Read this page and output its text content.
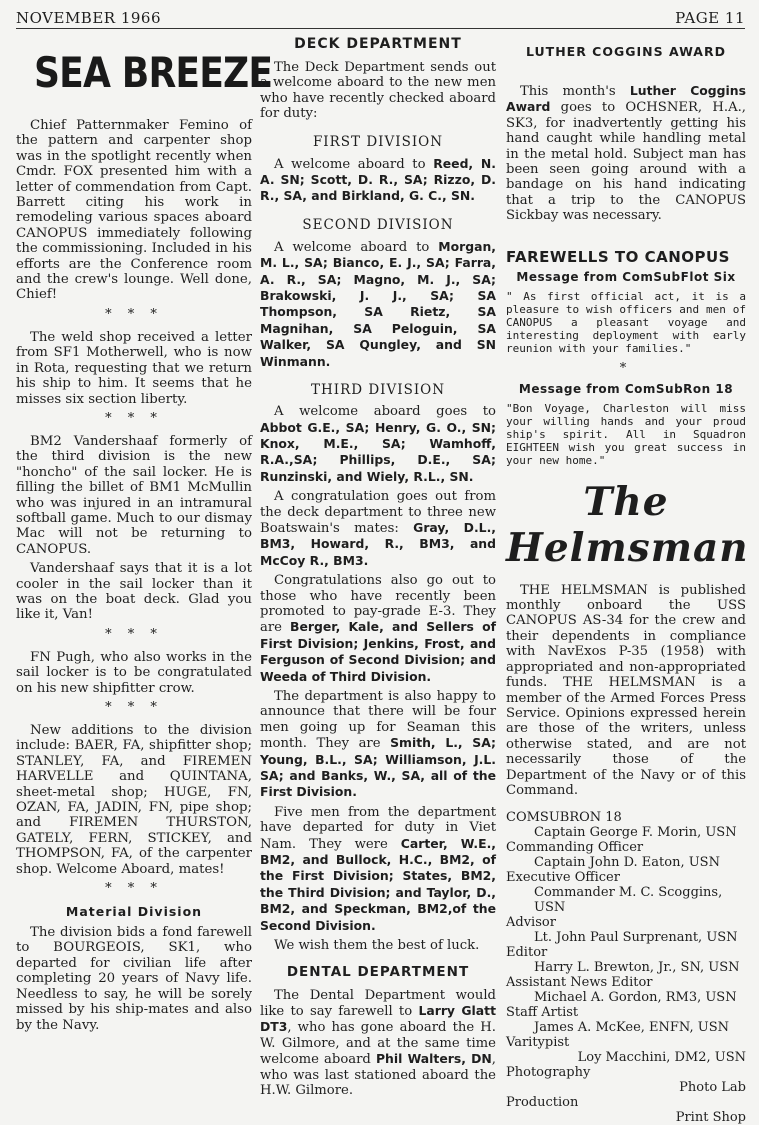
NOVEMBER 1966	PAGE 11
SEA BREEZE

Chief Patternmaker Femino of the pattern and carpenter shop was in the spotlight recently when Cmdr. FOX presented him with a letter of commendation from Capt. Barrett citing his work in remodeling various spaces aboard CANOPUS immediately following the commissioning. Included in his efforts are the Conference room and the crew's lounge. Well done, Chief!

* * *

The weld shop received a letter from SF1 Motherwell, who is now in Rota, requesting that we return his ship to him. It seems that he misses six section liberty.

* * *

BM2 Vandershaaf formerly of the third division is the new "honcho" of the sail locker. He is filling the billet of BM1 McMullin who was injured in an intramural softball game. Much to our dismay Mac will not be returning to CANOPUS.

Vandershaaf says that it is a lot cooler in the sail locker than it was on the boat deck. Glad you like it, Van!

* * *

FN Pugh, who also works in the sail locker is to be congratulated on his new shipfitter crow.

* * *

New additions to the division include: BAER, FA, shipfitter shop; STANLEY, FA, and FIREMEN HARVELLE and QUINTANA, sheet-metal shop; HUGE, FN, OZAN, FA, JADIN, FN, pipe shop; and FIREMEN THURSTON, GATELY, FERN, STICKEY, and THOMPSON, FA, of the carpenter shop. Welcome Aboard, mates!

* * *
Material Division

The division bids a fond farewell to BOURGEOIS, SK1, who departed for civilian life after completing 20 years of Navy life. Needless to say, he will be sorely missed by his ship-mates and also by the Navy.

DECK DEPARTMENT

The Deck Department sends out a welcome aboard to the new men who have recently checked aboard for duty:

FIRST DIVISION

A welcome aboard to Reed, N. A. SN; Scott, D. R., SA; Rizzo, D. R., SA, and Birkland, G. C., SN.

SECOND DIVISION

A welcome aboard to Morgan, M. L., SA; Bianco, E. J., SA; Farra, A. R., SA; Magno, M. J., SA; Brakowski, J. J., SA; SA Thompson, SA Rietz, SA Magnihan, SA Peloguin, SA Walker, SA Qungley, and SN Winmann.

THIRD DIVISION

A welcome aboard goes to Abbot G.E., SA; Henry, G. O., SN; Knox, M.E., SA; Wamhoff, R.A.,SA; Phillips, D.E., SA; Runzinski, and Wiely, R.L., SN.

A congratulation goes out from the deck department to three new Boatswain's mates: Gray, D.L., BM3, Howard, R., BM3, and McCoy R., BM3.

Congratulations also go out to those who have recently been promoted to pay-grade E-3. They are Berger, Kale, and Sellers of First Division; Jenkins, Frost, and Ferguson of Second Division; and Weeda of Third Division.

The department is also happy to announce that there will be four men going up for Seaman this month. They are Smith, L., SA; Young, B.L., SA; Williamson, J.L. SA; and Banks, W., SA, all of the First Division.

Five men from the department have departed for duty in Viet Nam. They were Carter, W.E., BM2, and Bullock, H.C., BM2, of the First Division; States, BM2, the Third Division; and Taylor, D., BM2, and Speckman, BM2,of the Second Division.

We wish them the best of luck.

DENTAL DEPARTMENT

The Dental Department would like to say farewell to Larry Glatt DT3, who has gone aboard the H. W. Gilmore, and at the same time welcome aboard Phil Walters, DN, who was last stationed aboard the H.W. Gilmore.

LUTHER COGGINS AWARD

This month's Luther Coggins Award goes to OCHSNER, H.A., SK3, for inadvertently getting his hand caught while handling metal in the metal hold. Subject man has been seen going around with a bandage on his hand indicating that a trip to the CANOPUS Sickbay was necessary.

FAREWELLS TO CANOPUS
Message from ComSubFlot Six
" As first official act, it is a pleasure to wish officers and men of CANOPUS a pleasant voyage and interesting deployment with early reunion with your families."
*
Message from ComSubRon 18
"Bon Voyage, Charleston will miss your willing hands and your proud ship's spirit. All in Squadron EIGHTEEN wish you great success in your new home."
The Helmsman

THE HELMSMAN is published monthly onboard the USS CANOPUS AS-34 for the crew and their dependents in compliance with NavExos P-35 (1958) with appropriated and non-appropriated funds. THE HELMSMAN is a member of the Armed Forces Press Service. Opinions expressed herein are those of the writers, unless otherwise stated, and are not necessarily those of the Department of the Navy or of this Command.

COMSUBRON 18
Captain George F. Morin, USN
Commanding Officer
Captain John D. Eaton, USN
Executive Officer
Commander M. C. Scoggins, USN
Advisor
Lt. John Paul Surprenant, USN
Editor
Harry L. Brewton, Jr., SN, USN
Assistant News Editor
Michael A. Gordon, RM3, USN
Staff Artist
James A. McKee, ENFN, USN
Varitypist
Loy Macchini, DM2, USN
Photography
Photo Lab
Production
Print Shop
